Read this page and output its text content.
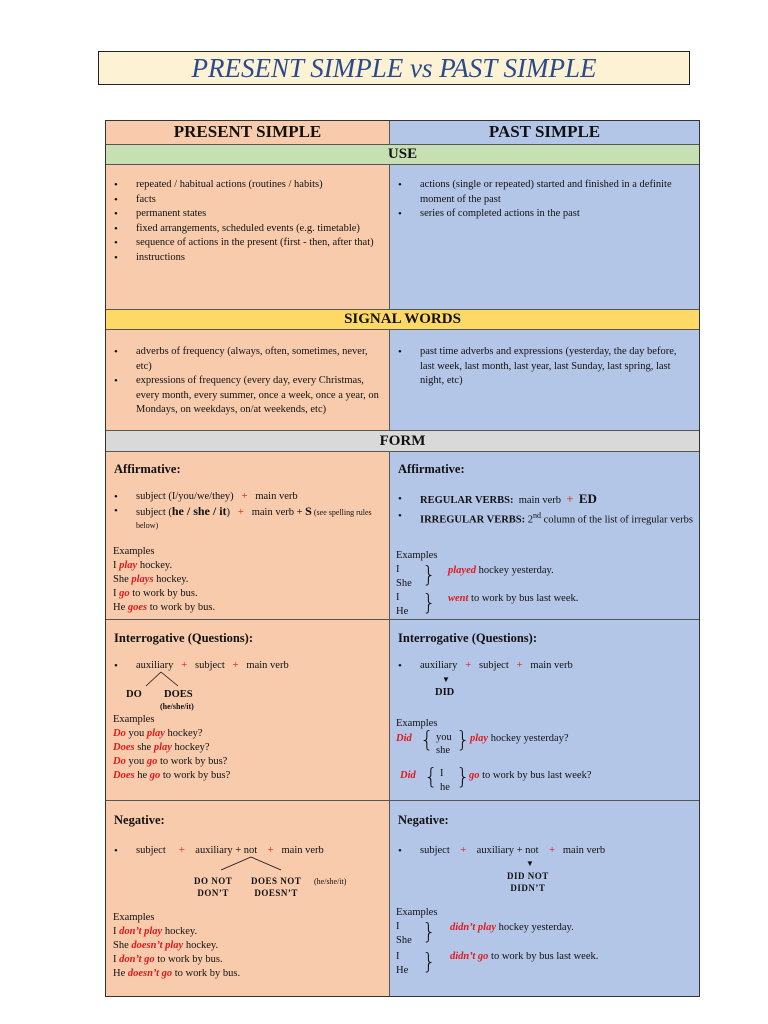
PRESENT SIMPLE vs PAST SIMPLE
PRESENT SIMPLE	PAST SIMPLE
USE
• repeated / habitual actions (routines / habits)
• facts
• permanent states
• fixed arrangements, scheduled events (e.g. timetable)
• sequence of actions in the present (first - then, after that)
• instructions
• actions (single or repeated) started and finished in a definite moment of the past
• series of completed actions in the past
SIGNAL WORDS
• adverbs of frequency (always, often, sometimes, never, etc)
• expressions of frequency (every day, every Christmas, every month, every summer, once a week, once a year, on Mondays, on weekdays, on/at weekends, etc)
• past time adverbs and expressions (yesterday, the day before, last week, last month, last year, last Sunday, last spring, last night, etc)
FORM
Affirmative:
• subject (I/you/we/they) + main verb
• subject (he / she / it) + main verb + S (see spelling rules below)
Examples
I play hockey.
She plays hockey.
I go to work by bus.
He goes to work by bus.
Affirmative:
• REGULAR VERBS: main verb + ED
• IRREGULAR VERBS: 2nd column of the list of irregular verbs
Examples
I
She } played hockey yesterday.
I
He } went to work by bus last week.
Interrogative (Questions):
• auxiliary + subject + main verb
DO DOES
(he/she/it)
Examples
Do you play hockey?
Does she play hockey?
Do you go to work by bus?
Does he go to work by bus?
Interrogative (Questions):
• auxiliary + subject + main verb
▼
DID
Examples
Did { you
she } play hockey yesterday?
Did { I
he } go to work by bus last week?
Negative:
• subject + auxiliary + not + main verb
DO NOT
DON’T
DOES NOT
DOESN’T
(he/she/it)
Examples
I don’t play hockey.
She doesn’t play hockey.
I don’t go to work by bus.
He doesn’t go to work by bus.
Negative:
• subject + auxiliary + not + main verb
▼
DID NOT
DIDN’T
Examples
I
She } didn’t play hockey yesterday.
I
He } didn’t go to work by bus last week.
